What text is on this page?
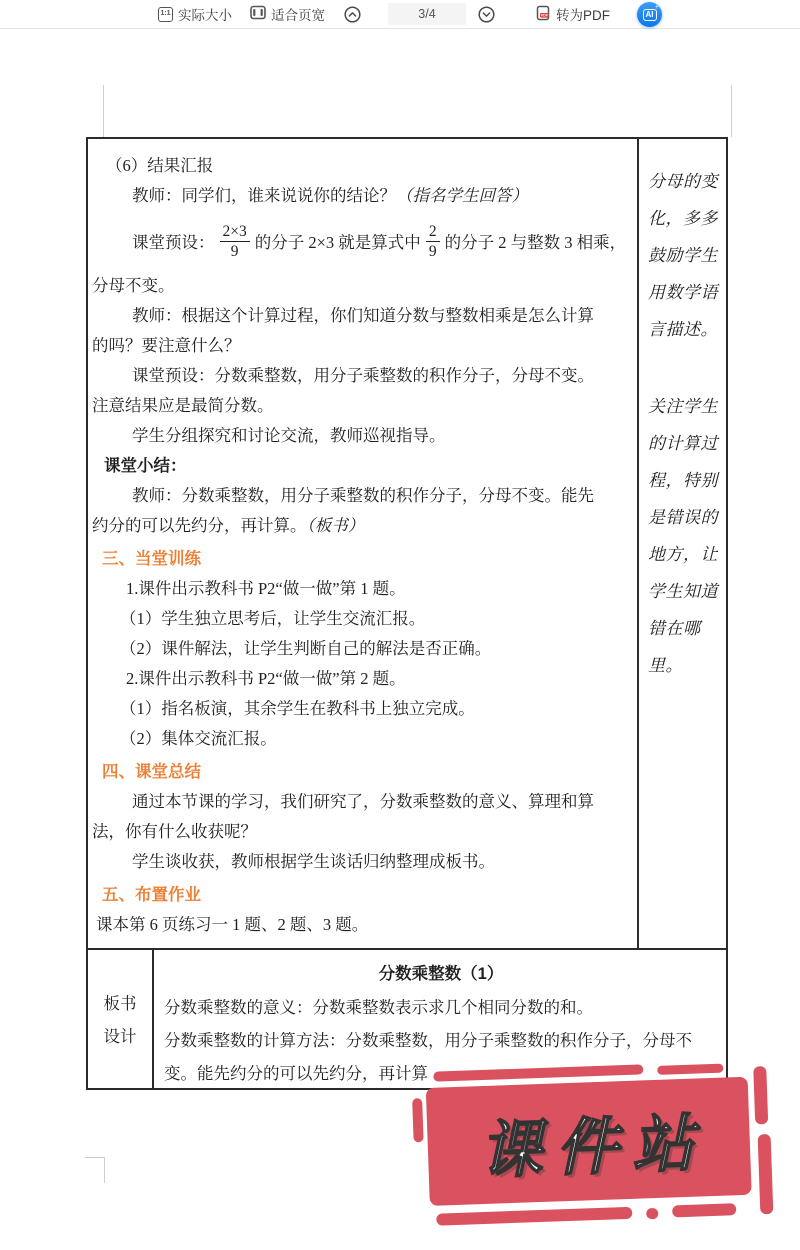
1:1 实际大小	适合页宽	3/4	PDF 转为PDF	AI
+

（6）结果汇报

教师：同学们，谁来说说你的结论？（指名学生回答）

课堂预设： $\frac{2\times 3}{9}$ 的分子 2×3 就是算式中 $\frac{2}{9}$ 的分子 2 与整数 3 相乘，

分母不变。

教师：根据这个计算过程，你们知道分数与整数相乘是怎么计算

的吗？要注意什么？

课堂预设：分数乘整数，用分子乘整数的积作分子，分母不变。

注意结果应是最简分数。

学生分组探究和讨论交流，教师巡视指导。

课堂小结：

教师：分数乘整数，用分子乘整数的积作分子，分母不变。能先

约分的可以先约分，再计算。（板书）

三、当堂训练

1.课件出示教科书 P2“做一做”第 1 题。

（1）学生独立思考后，让学生交流汇报。

（2）课件解法，让学生判断自己的解法是否正确。

2.课件出示教科书 P2“做一做”第 2 题。

（1）指名板演，其余学生在教科书上独立完成。

（2）集体交流汇报。

四、课堂总结

通过本节课的学习，我们研究了，分数乘整数的意义、算理和算

法，你有什么收获呢？

学生谈收获，教师根据学生谈话归纳整理成板书。

五、布置作业

课本第 6 页练习一 1 题、2 题、3 题。

分母的变化，多多鼓励学生用数学语言描述。
关注学生的计算过程，特别是错误的地方，让学生知道错在哪里。
板书
设计
分数乘整数（1）
分数乘整数的意义：分数乘整数表示求几个相同分数的和。
分数乘整数的计算方法：分数乘整数，用分子乘整数的积作分子，分母不
变。能先约分的可以先约分，再计算
课件站
